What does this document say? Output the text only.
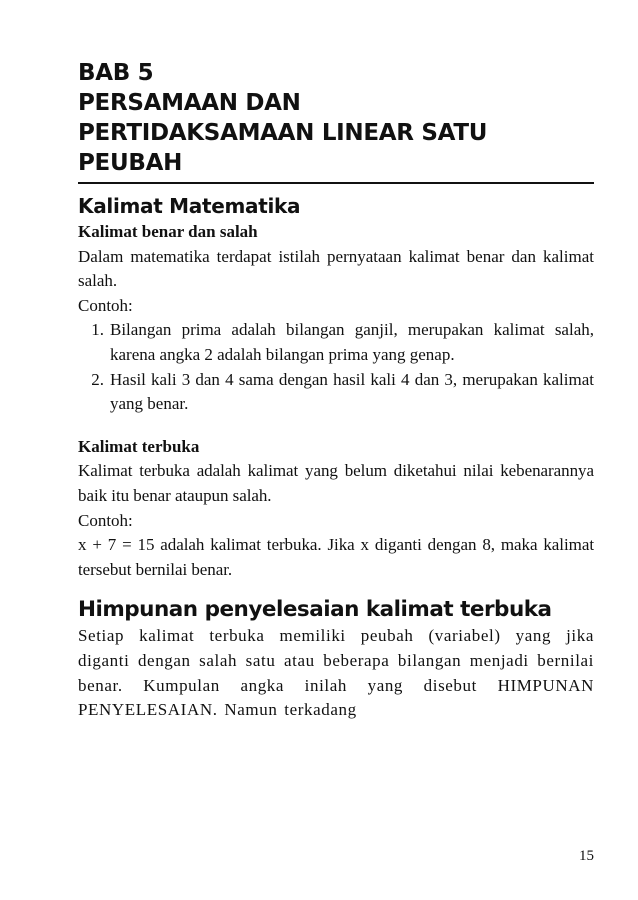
BAB 5
PERSAMAAN DAN
PERTIDAKSAMAAN LINEAR SATU
PEUBAH
Kalimat Matematika
Kalimat benar dan salah

Dalam matematika terdapat istilah pernyataan kalimat benar dan kalimat salah.

Contoh:

1. Bilangan prima adalah bilangan ganjil, merupakan kalimat salah, karena angka 2 adalah bilangan prima yang genap.
2. Hasil kali 3 dan 4 sama dengan hasil kali 4 dan 3, merupakan kalimat yang benar.
Kalimat terbuka

Kalimat terbuka adalah kalimat yang belum diketahui nilai kebenarannya baik itu benar ataupun salah.

Contoh:

x + 7 = 15 adalah kalimat terbuka. Jika x diganti dengan 8, maka kalimat tersebut bernilai benar.

Himpunan penyelesaian kalimat terbuka

Setiap kalimat terbuka memiliki peubah (variabel) yang jika diganti dengan salah satu atau beberapa bilangan menjadi bernilai benar. Kumpulan angka inilah yang disebut HIMPUNAN PENYELESAIAN. Namun terkadang

15
